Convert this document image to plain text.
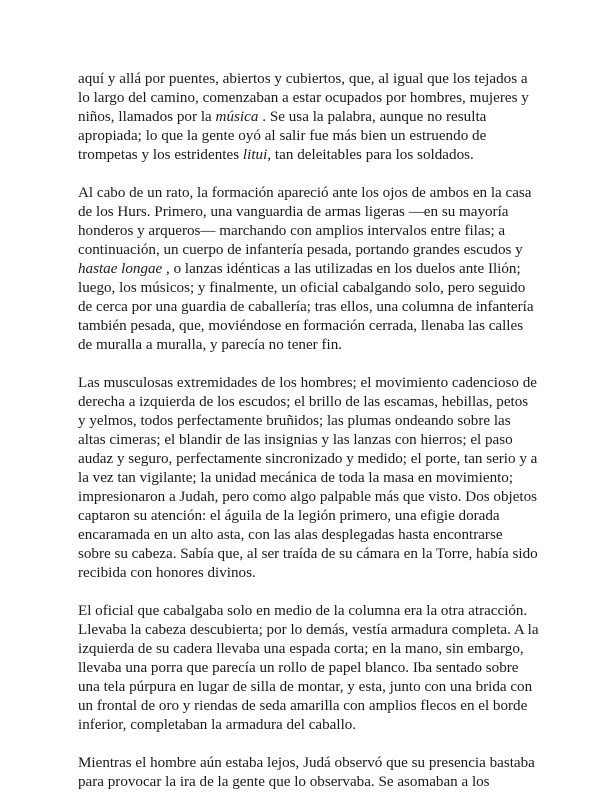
aquí y allá por puentes, abiertos y cubiertos, que, al igual que los tejados a
lo largo del camino, comenzaban a estar ocupados por hombres, mujeres y
niños, llamados por la música . Se usa la palabra, aunque no resulta
apropiada; lo que la gente oyó al salir fue más bien un estruendo de
trompetas y los estridentes litui, tan deleitables para los soldados.

Al cabo de un rato, la formación apareció ante los ojos de ambos en la casa
de los Hurs. Primero, una vanguardia de armas ligeras —en su mayoría
honderos y arqueros— marchando con amplios intervalos entre filas; a
continuación, un cuerpo de infantería pesada, portando grandes escudos y
hastae longae , o lanzas idénticas a las utilizadas en los duelos ante Ilión;
luego, los músicos; y finalmente, un oficial cabalgando solo, pero seguido
de cerca por una guardia de caballería; tras ellos, una columna de infantería
también pesada, que, moviéndose en formación cerrada, llenaba las calles
de muralla a muralla, y parecía no tener fin.

Las musculosas extremidades de los hombres; el movimiento cadencioso de
derecha a izquierda de los escudos; el brillo de las escamas, hebillas, petos
y yelmos, todos perfectamente bruñidos; las plumas ondeando sobre las
altas cimeras; el blandir de las insignias y las lanzas con hierros; el paso
audaz y seguro, perfectamente sincronizado y medido; el porte, tan serio y a
la vez tan vigilante; la unidad mecánica de toda la masa en movimiento;
impresionaron a Judah, pero como algo palpable más que visto. Dos objetos
captaron su atención: el águila de la legión primero, una efigie dorada
encaramada en un alto asta, con las alas desplegadas hasta encontrarse
sobre su cabeza. Sabía que, al ser traída de su cámara en la Torre, había sido
recibida con honores divinos.

El oficial que cabalgaba solo en medio de la columna era la otra atracción.
Llevaba la cabeza descubierta; por lo demás, vestía armadura completa. A la
izquierda de su cadera llevaba una espada corta; en la mano, sin embargo,
llevaba una porra que parecía un rollo de papel blanco. Iba sentado sobre
una tela púrpura en lugar de silla de montar, y esta, junto con una brida con
un frontal de oro y riendas de seda amarilla con amplios flecos en el borde
inferior, completaban la armadura del caballo.

Mientras el hombre aún estaba lejos, Judá observó que su presencia bastaba
para provocar la ira de la gente que lo observaba. Se asomaban a los
